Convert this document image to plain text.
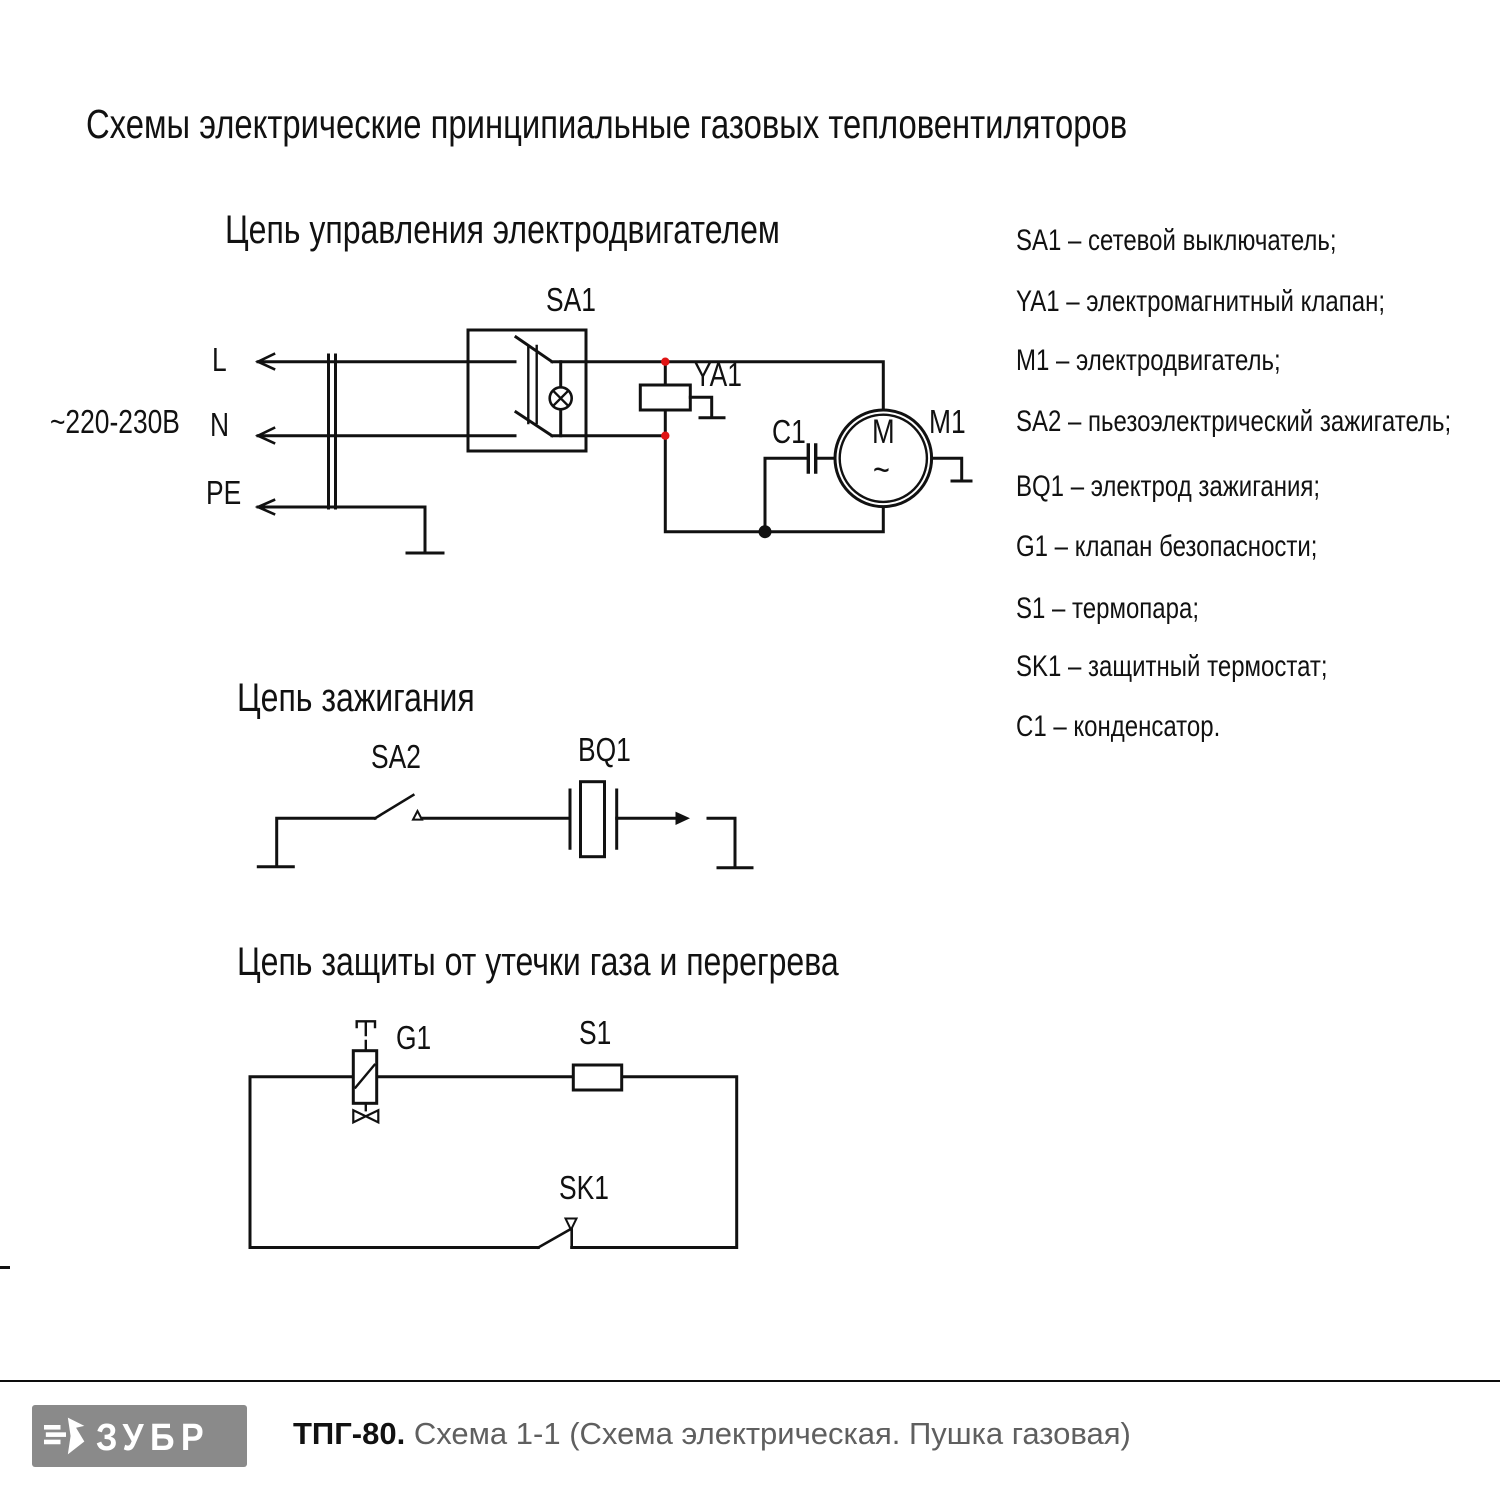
Схемы электрические принципиальные газовых тепловентиляторов
Цепь управления электродвигателем
Цепь зажигания
Цепь защиты от утечки газа и перегрева
~220-230В
L
N
PE
SA1
YA1
C1	M1
M
~
SA2	BQ1
G1	S1
SK1
SA1 – сетевой выключатель;
YA1 – электромагнитный клапан;
M1 – электродвигатель;
SA2 – пьезоэлектрический зажигатель;
BQ1 – электрод зажигания;
G1 – клапан безопасности;
S1 – термопара;
SK1 – защитный термостат;
C1 – конденсатор.
ЗУБР	ТПГ-80. Схема 1-1 (Схема электрическая. Пушка газовая)
